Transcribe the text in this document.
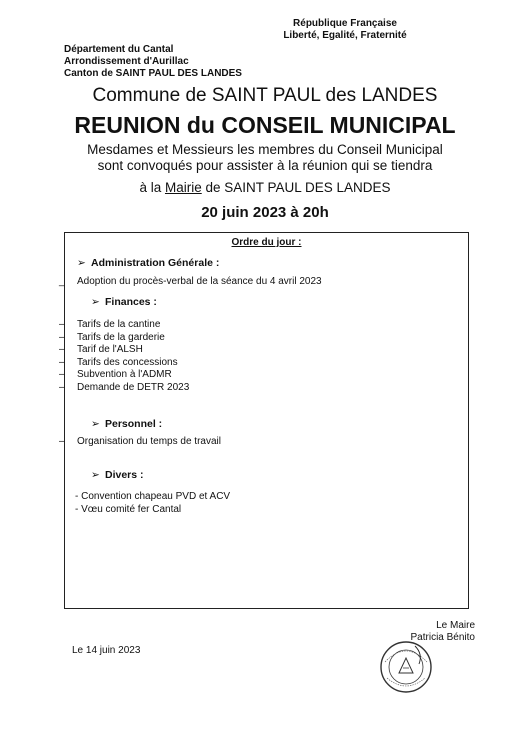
République Française
Liberté, Egalité, Fraternité
Département du Cantal
Arrondissement d'Aurillac
Canton de SAINT PAUL DES LANDES
Commune de SAINT PAUL des LANDES
REUNION du CONSEIL MUNICIPAL
Mesdames et Messieurs les membres du Conseil Municipal
sont convoqués pour assister à la réunion qui se tiendra
à la Mairie de SAINT PAUL DES LANDES
20 juin 2023 à 20h
Ordre du jour :
➢ Administration Générale :
_ Adoption du procès-verbal de la séance du 4 avril 2023
➢ Finances :
– Tarifs de la cantine
– Tarifs de la garderie
– Tarif de l'ALSH
– Tarifs des concessions
– Subvention à l'ADMR
– Demande de DETR 2023
➢ Personnel :
– Organisation du temps de travail
➢ Divers :
- Convention chapeau PVD et ACV
- Vœu comité fer Cantal
Le Maire
Patricia Bénito
Le 14 juin 2023
